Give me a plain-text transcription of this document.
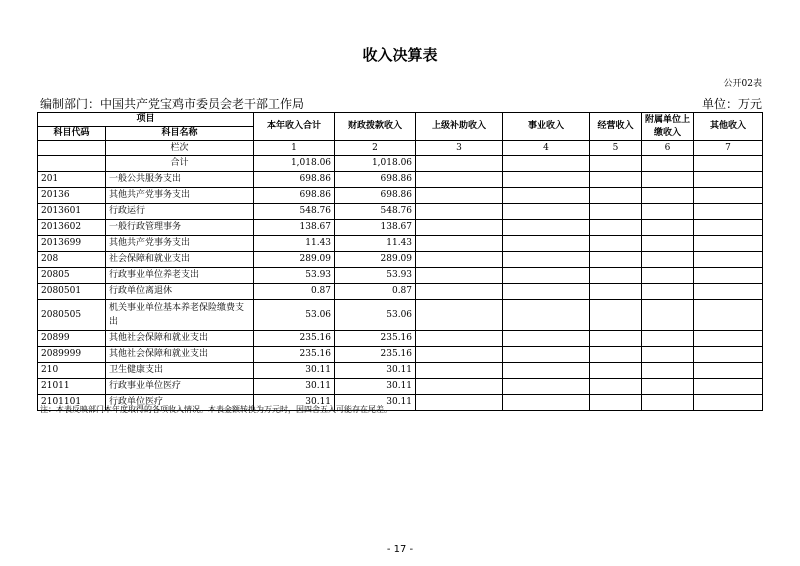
收入决算表
公开02表
编制部门：中国共产党宝鸡市委员会老干部工作局	单位：万元
项目		本年收入合计	财政拨款收入	上级补助收入	事业收入	经营收入	附属单位上缴收入	其他收入
科目代码	科目名称							
	栏次	1	2	3	4	5	6	7
	合计	1,018.06	1,018.06					
201	一般公共服务支出	698.86	698.86					
20136	其他共产党事务支出	698.86	698.86					
2013601	行政运行	548.76	548.76					
2013602	一般行政管理事务	138.67	138.67					
2013699	其他共产党事务支出	11.43	11.43					
208	社会保障和就业支出	289.09	289.09					
20805	行政事业单位养老支出	53.93	53.93					
2080501	行政单位离退休	0.87	0.87					
2080505	机关事业单位基本养老保险缴费支出	53.06	53.06					
20899	其他社会保障和就业支出	235.16	235.16					
2089999	其他社会保障和就业支出	235.16	235.16					
210	卫生健康支出	30.11	30.11					
21011	行政事业单位医疗	30.11	30.11					
2101101	行政单位医疗	30.11	30.11					
注：本表反映部门本年度取得的各项收入情况。本表金额转换为万元时，因四舍五入可能存在尾差。
- 17 -
